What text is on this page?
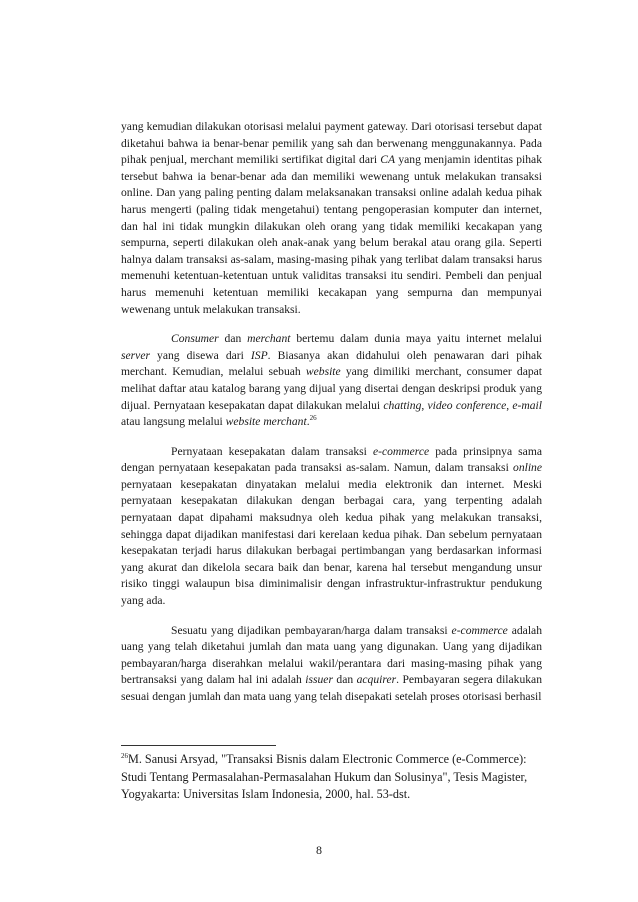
yang kemudian dilakukan otorisasi melalui payment gateway. Dari otorisasi tersebut dapat diketahui bahwa ia benar-benar pemilik yang sah dan berwenang menggunakannya. Pada pihak penjual, merchant memiliki sertifikat digital dari CA yang menjamin identitas pihak tersebut bahwa ia benar-benar ada dan memiliki wewenang untuk melakukan transaksi online. Dan yang paling penting dalam melaksanakan transaksi online adalah kedua pihak harus mengerti (paling tidak mengetahui) tentang pengoperasian komputer dan internet, dan hal ini tidak mungkin dilakukan oleh orang yang tidak memiliki kecakapan yang sempurna, seperti dilakukan oleh anak-anak yang belum berakal atau orang gila. Seperti halnya dalam transaksi as-salam, masing-masing pihak yang terlibat dalam transaksi harus memenuhi ketentuan-ketentuan untuk validitas transaksi itu sendiri. Pembeli dan penjual harus memenuhi ketentuan memiliki kecakapan yang sempurna dan mempunyai wewenang untuk melakukan transaksi.

Consumer dan merchant bertemu dalam dunia maya yaitu internet melalui server yang disewa dari ISP. Biasanya akan didahului oleh penawaran dari pihak merchant. Kemudian, melalui sebuah website yang dimiliki merchant, consumer dapat melihat daftar atau katalog barang yang dijual yang disertai dengan deskripsi produk yang dijual. Pernyataan kesepakatan dapat dilakukan melalui chatting, video conference, e-mail atau langsung melalui website merchant.$^{26}$

Pernyataan kesepakatan dalam transaksi e-commerce pada prinsipnya sama dengan pernyataan kesepakatan pada transaksi as-salam. Namun, dalam transaksi online pernyataan kesepakatan dinyatakan melalui media elektronik dan internet. Meski pernyataan kesepakatan dilakukan dengan berbagai cara, yang terpenting adalah pernyataan dapat dipahami maksudnya oleh kedua pihak yang melakukan transaksi, sehingga dapat dijadikan manifestasi dari kerelaan kedua pihak. Dan sebelum pernyataan kesepakatan terjadi harus dilakukan berbagai pertimbangan yang berdasarkan informasi yang akurat dan dikelola secara baik dan benar, karena hal tersebut mengandung unsur risiko tinggi walaupun bisa diminimalisir dengan infrastruktur-infrastruktur pendukung yang ada.

Sesuatu yang dijadikan pembayaran/harga dalam transaksi e-commerce adalah uang yang telah diketahui jumlah dan mata uang yang digunakan. Uang yang dijadikan pembayaran/harga diserahkan melalui wakil/perantara dari masing-masing pihak yang bertransaksi yang dalam hal ini adalah issuer dan acquirer. Pembayaran segera dilakukan sesuai dengan jumlah dan mata uang yang telah disepakati setelah proses otorisasi berhasil

$^{26}$M. Sanusi Arsyad, "Transaksi Bisnis dalam Electronic Commerce (e-Commerce): Studi Tentang Permasalahan-Permasalahan Hukum dan Solusinya", Tesis Magister, Yogyakarta: Universitas Islam Indonesia, 2000, hal. 53-dst.
8
